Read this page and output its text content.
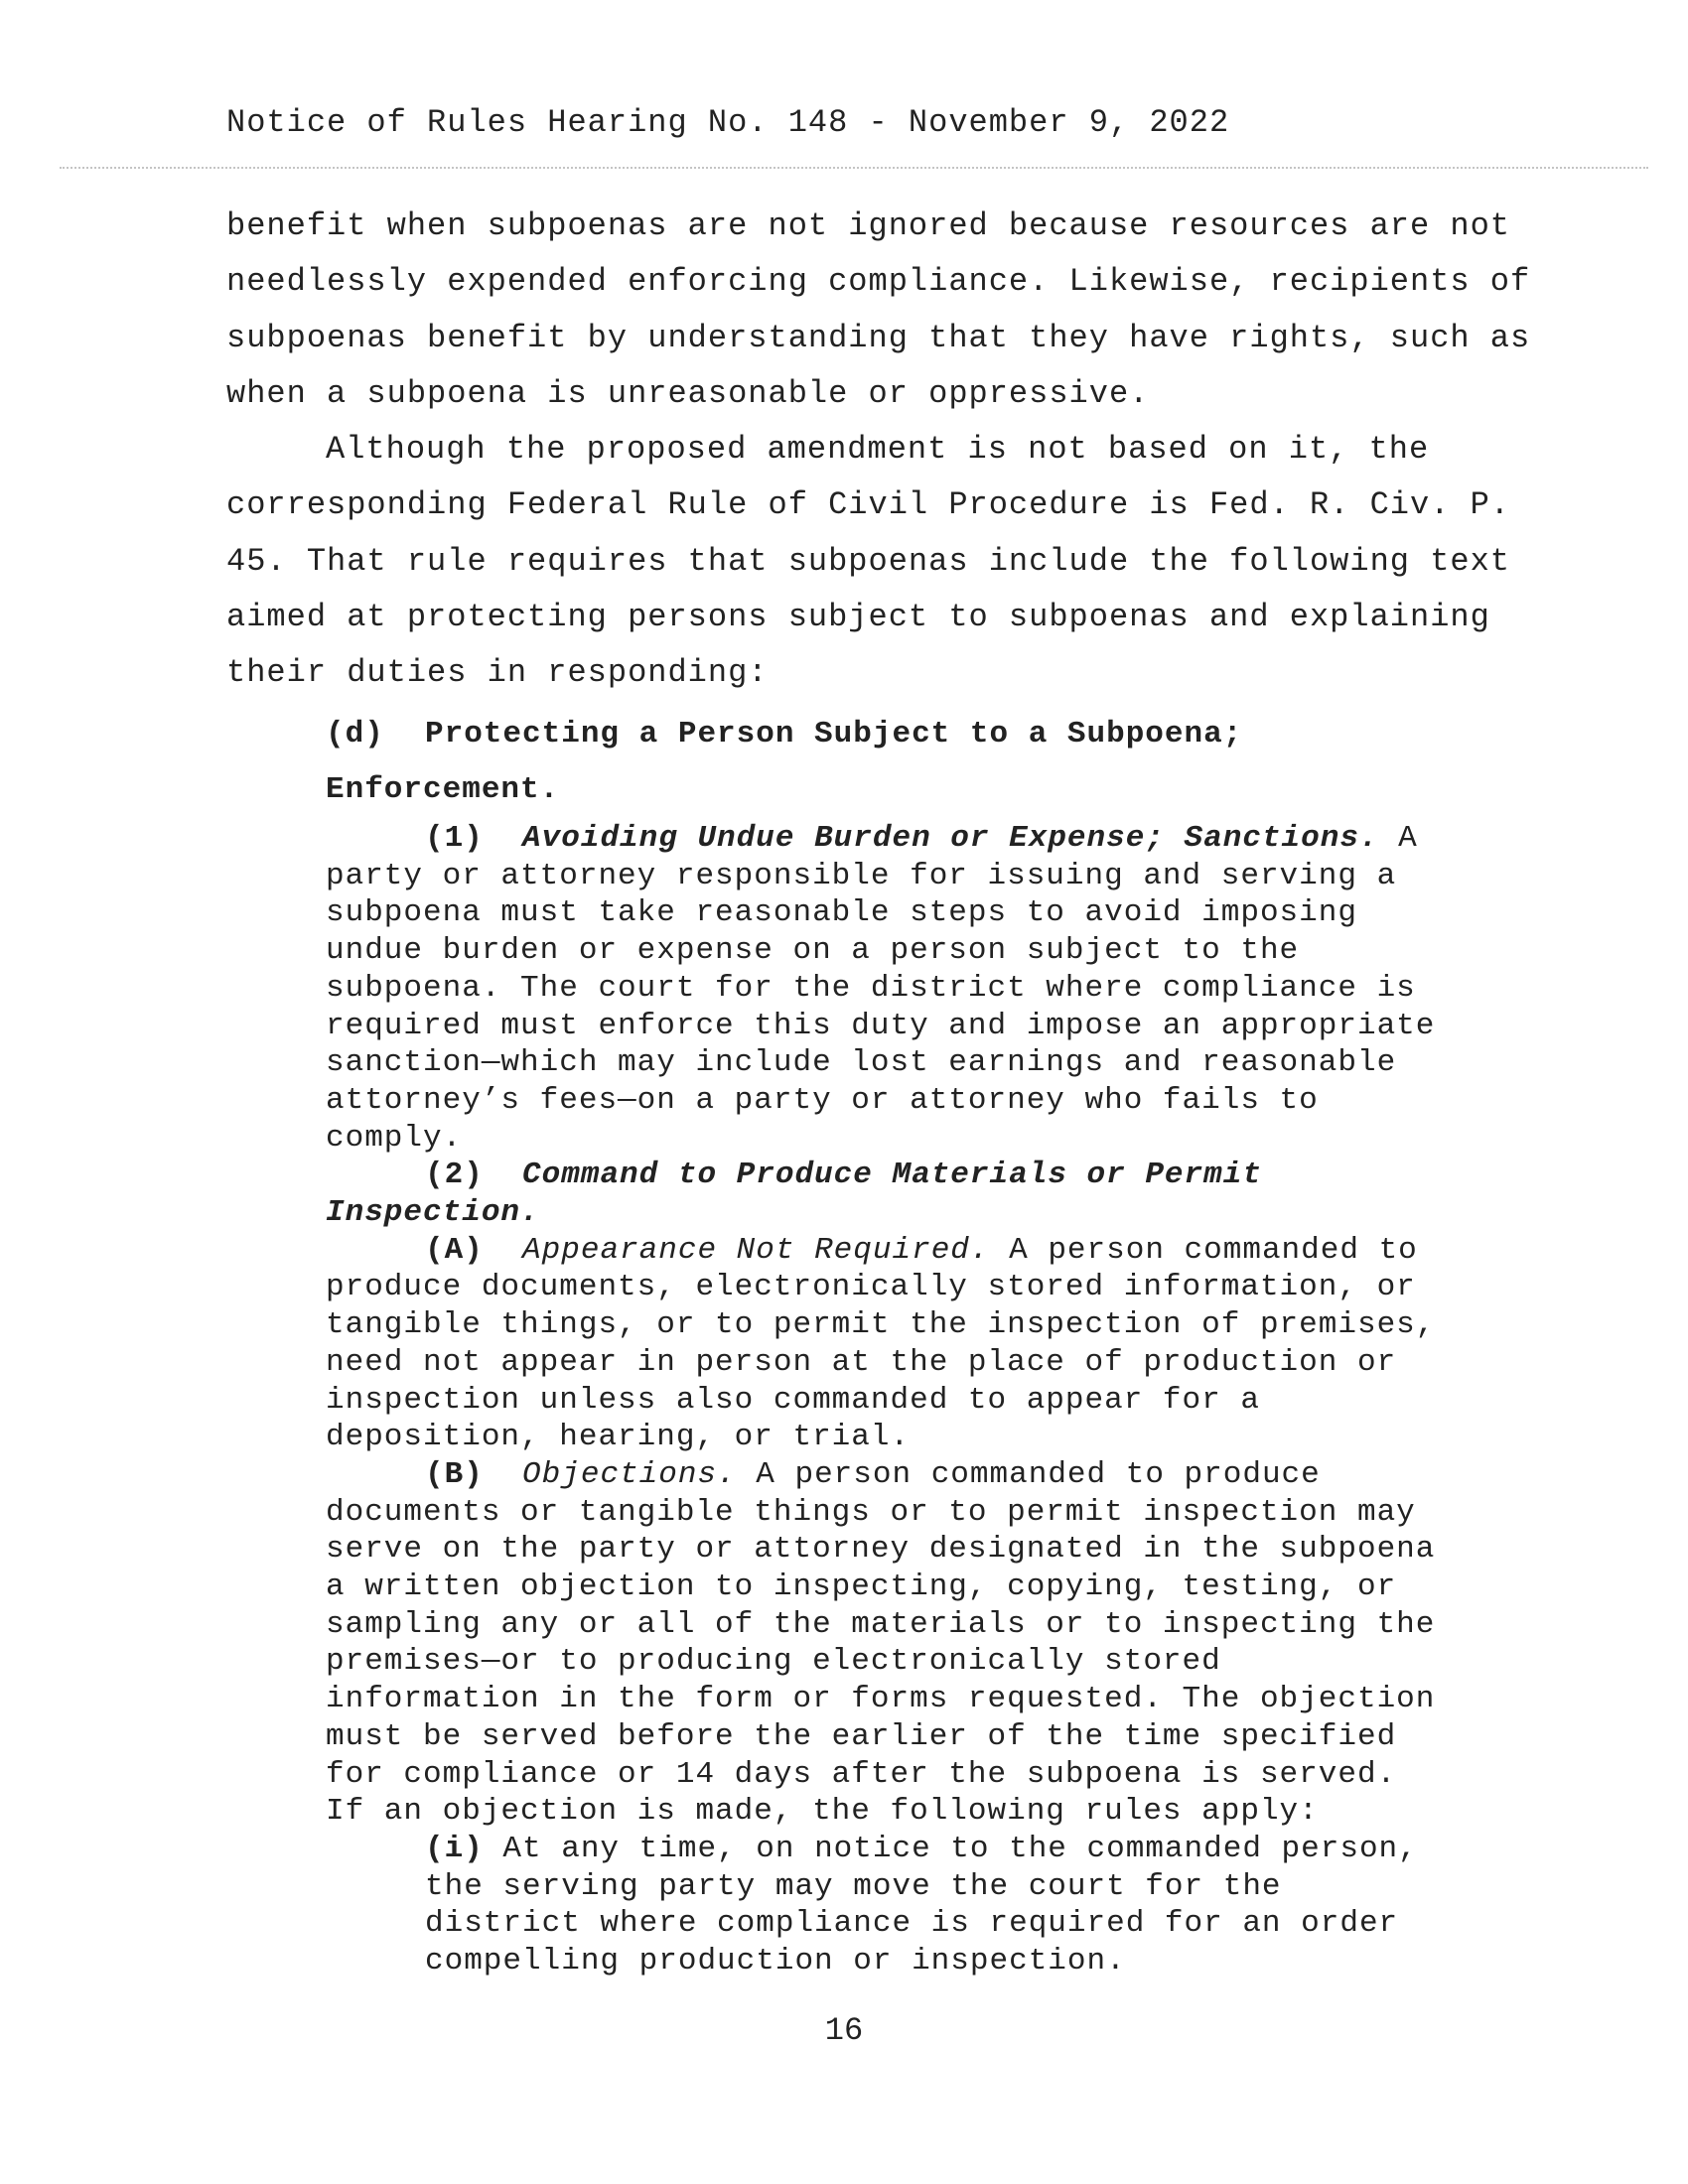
Notice of Rules Hearing No. 148 - November 9, 2022

benefit when subpoenas are not ignored because resources are not

needlessly expended enforcing compliance. Likewise, recipients of

subpoenas benefit by understanding that they have rights, such as

when a subpoena is unreasonable or oppressive.

Although the proposed amendment is not based on it, the

corresponding Federal Rule of Civil Procedure is Fed. R. Civ. P.

45. That rule requires that subpoenas include the following text

aimed at protecting persons subject to subpoenas and explaining

their duties in responding:

(d) Protecting a Person Subject to a Subpoena;

Enforcement.

(1) Avoiding Undue Burden or Expense; Sanctions. A

party or attorney responsible for issuing and serving a

subpoena must take reasonable steps to avoid imposing

undue burden or expense on a person subject to the

subpoena. The court for the district where compliance is

required must enforce this duty and impose an appropriate

sanction—which may include lost earnings and reasonable

attorney’s fees—on a party or attorney who fails to

comply.

(2) Command to Produce Materials or Permit

Inspection.

(A) Appearance Not Required. A person commanded to

produce documents, electronically stored information, or

tangible things, or to permit the inspection of premises,

need not appear in person at the place of production or

inspection unless also commanded to appear for a

deposition, hearing, or trial.

(B) Objections. A person commanded to produce

documents or tangible things or to permit inspection may

serve on the party or attorney designated in the subpoena

a written objection to inspecting, copying, testing, or

sampling any or all of the materials or to inspecting the

premises—or to producing electronically stored

information in the form or forms requested. The objection

must be served before the earlier of the time specified

for compliance or 14 days after the subpoena is served.

If an objection is made, the following rules apply:

(i) At any time, on notice to the commanded person,

the serving party may move the court for the

district where compliance is required for an order

compelling production or inspection.

16
